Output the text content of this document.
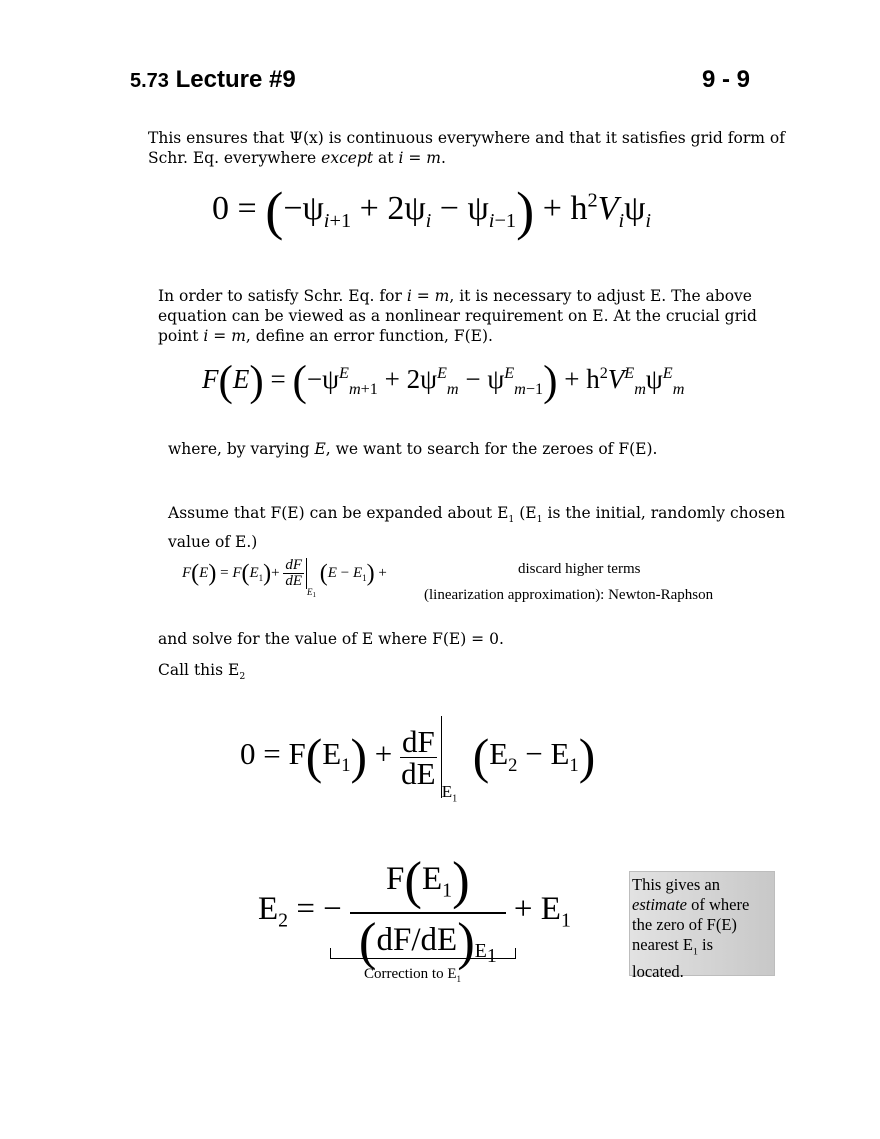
5.73 Lecture #9	9 - 9
This ensures that Ψ(x) is continuous everywhere and that it satisfies grid form of Schr. Eq. everywhere except at i = m.
$0 = (-\psi_{i+1} + 2\psi_i - \psi_{i-1}) + h^2V_i\psi_i$
In order to satisfy Schr. Eq. for i = m, it is necessary to adjust E. The above equation can be viewed as a nonlinear requirement on E. At the crucial grid point i = m, define an error function, F(E).
$F(E) = (-\psi^E_{m+1} + 2\psi^E_m - \psi^E_{m-1}) + h^2V^E_m\psi^E_m$
where, by varying E, we want to search for the zeroes of F(E).
Assume that F(E) can be expanded about $E_1$ ($E_1$ is the initial, randomly chosen value of E.)
$F(E) = F(E_1)+ \frac{dF}{dE}$
$_{E1}$ $(E - E_1)$ +	discard higher terms
(linearization approximation): Newton-Raphson
and solve for the value of E where F(E) = 0.
Call this $E_2$
$0 = F(E_1) + \frac{dF}{dE} E_1$
$(E_2 - E_1)$
$E_2$ = − $\frac{F(E_1)}{(dF/dE)_{E_1}} + E_1$
Correction to $E_1$
This gives an
estimate of where
the zero of F(E)
nearest $E_1$ is
located.
